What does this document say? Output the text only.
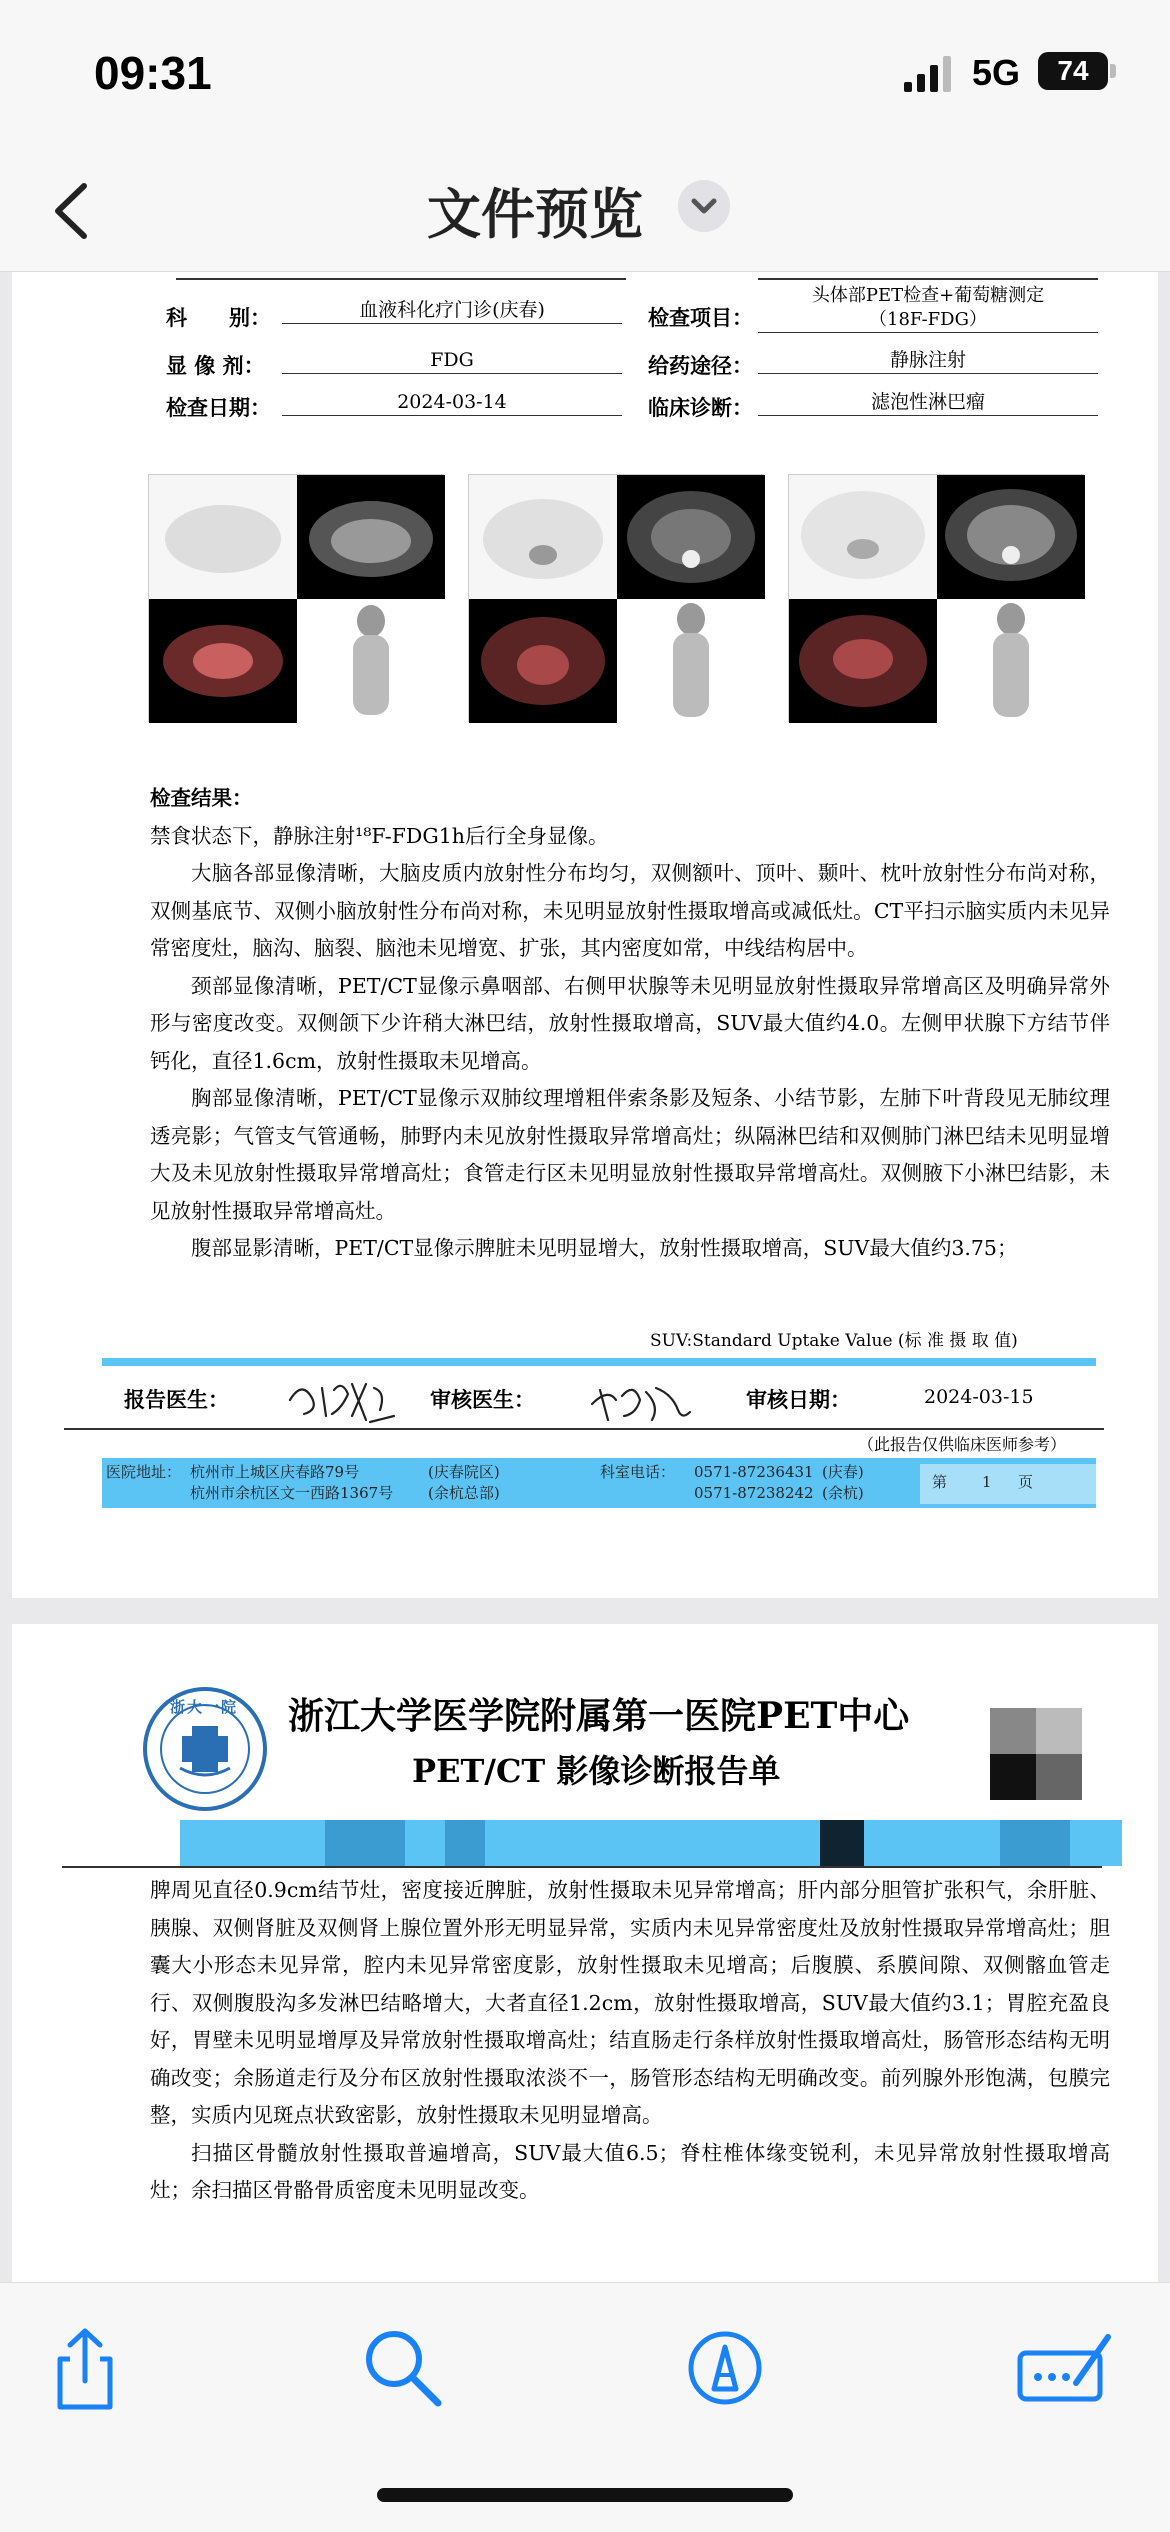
09:31	5G	74
文件预览
科　　别：	血液科化疗门诊(庆春)	检查项目：
头体部PET检查+葡萄糖测定
（18F-FDG）
显 像 剂：	FDG	给药途径：	静脉注射
检查日期：	2024-03-14	临床诊断：	滤泡性淋巴瘤

检查结果：

禁食状态下，静脉注射¹⁸F-FDG1h后行全身显像。

大脑各部显像清晰，大脑皮质内放射性分布均匀，双侧额叶、顶叶、颞叶、枕叶放射性分布尚对称，双侧基底节、双侧小脑放射性分布尚对称，未见明显放射性摄取增高或减低灶。CT平扫示脑实质内未见异常密度灶，脑沟、脑裂、脑池未见增宽、扩张，其内密度如常，中线结构居中。

颈部显像清晰，PET/CT显像示鼻咽部、右侧甲状腺等未见明显放射性摄取异常增高区及明确异常外形与密度改变。双侧颌下少许稍大淋巴结，放射性摄取增高，SUV最大值约4.0。左侧甲状腺下方结节伴钙化，直径1.6cm，放射性摄取未见增高。

胸部显像清晰，PET/CT显像示双肺纹理增粗伴索条影及短条、小结节影，左肺下叶背段见无肺纹理透亮影；气管支气管通畅，肺野内未见放射性摄取异常增高灶；纵隔淋巴结和双侧肺门淋巴结未见明显增大及未见放射性摄取异常增高灶；食管走行区未见明显放射性摄取异常增高灶。双侧腋下小淋巴结影，未见放射性摄取异常增高灶。

腹部显影清晰，PET/CT显像示脾脏未见明显增大，放射性摄取增高，SUV最大值约3.75；

SUV:Standard Uptake Value (标 准 摄 取 值)
报告医生：	审核医生：	审核日期：	2024-03-15
（此报告仅供临床医师参考）
医院地址： 杭州市上城区庆春路79号	(庆春院区)
杭州市余杭区文一西路1367号 (余杭总部)
科室电话： 0571-87236431 (庆春)
0571-87238242 (余杭)
第 1 页
浙大一院 浙江大学医学院附属第一医院PET中心
PET/CT 影像诊断报告单

脾周见直径0.9cm结节灶，密度接近脾脏，放射性摄取未见异常增高；肝内部分胆管扩张积气，余肝脏、胰腺、双侧肾脏及双侧肾上腺位置外形无明显异常，实质内未见异常密度灶及放射性摄取异常增高灶；胆囊大小形态未见异常，腔内未见异常密度影，放射性摄取未见增高；后腹膜、系膜间隙、双侧髂血管走行、双侧腹股沟多发淋巴结略增大，大者直径1.2cm，放射性摄取增高，SUV最大值约3.1；胃腔充盈良好，胃壁未见明显增厚及异常放射性摄取增高灶；结直肠走行条样放射性摄取增高灶，肠管形态结构无明确改变；余肠道走行及分布区放射性摄取浓淡不一，肠管形态结构无明确改变。前列腺外形饱满，包膜完整，实质内见斑点状致密影，放射性摄取未见明显增高。

扫描区骨髓放射性摄取普遍增高，SUV最大值6.5；脊柱椎体缘变锐利，未见异常放射性摄取增高灶；余扫描区骨骼骨质密度未见明显改变。
